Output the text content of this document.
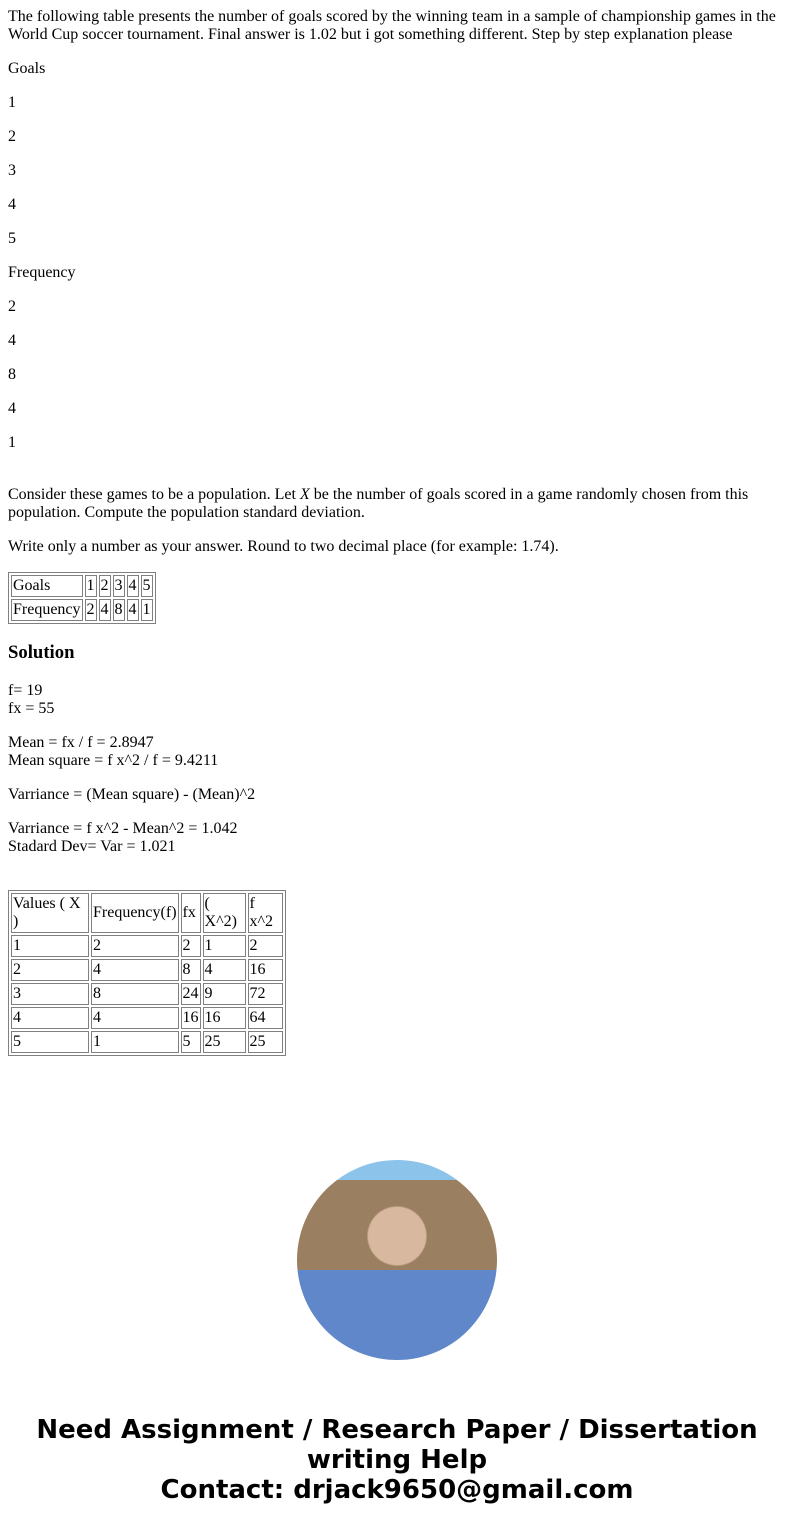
The following table presents the number of goals scored by the winning team in a sample of championship games in the World Cup soccer tournament. Final answer is 1.02 but i got something different. Step by step explanation please

Goals

1

2

3

4

5

Frequency

2

4

8

4

1

Consider these games to be a population. Let X be the number of goals scored in a game randomly chosen from this population. Compute the population standard deviation.

Write only a number as your answer. Round to two decimal place (for example: 1.74).

Goals	1	2	3	4	5
Frequency	2	4	8	4	1
Solution

f= 19
fx = 55

Mean = fx / f = 2.8947
Mean square = f x^2 / f = 9.4211

Varriance = (Mean square) - (Mean)^2

Varriance = f x^2 - Mean^2 = 1.042
Stadard Dev= Var = 1.021

Values ( X )	Frequency(f)	fx	( X^2)	f x^2
1	2	2	1	2
2	4	8	4	16
3	8	24	9	72
4	4	16	16	64
5	1	5	25	25
Need Assignment / Research Paper / Dissertation writing Help
Contact: drjack9650@gmail.com
